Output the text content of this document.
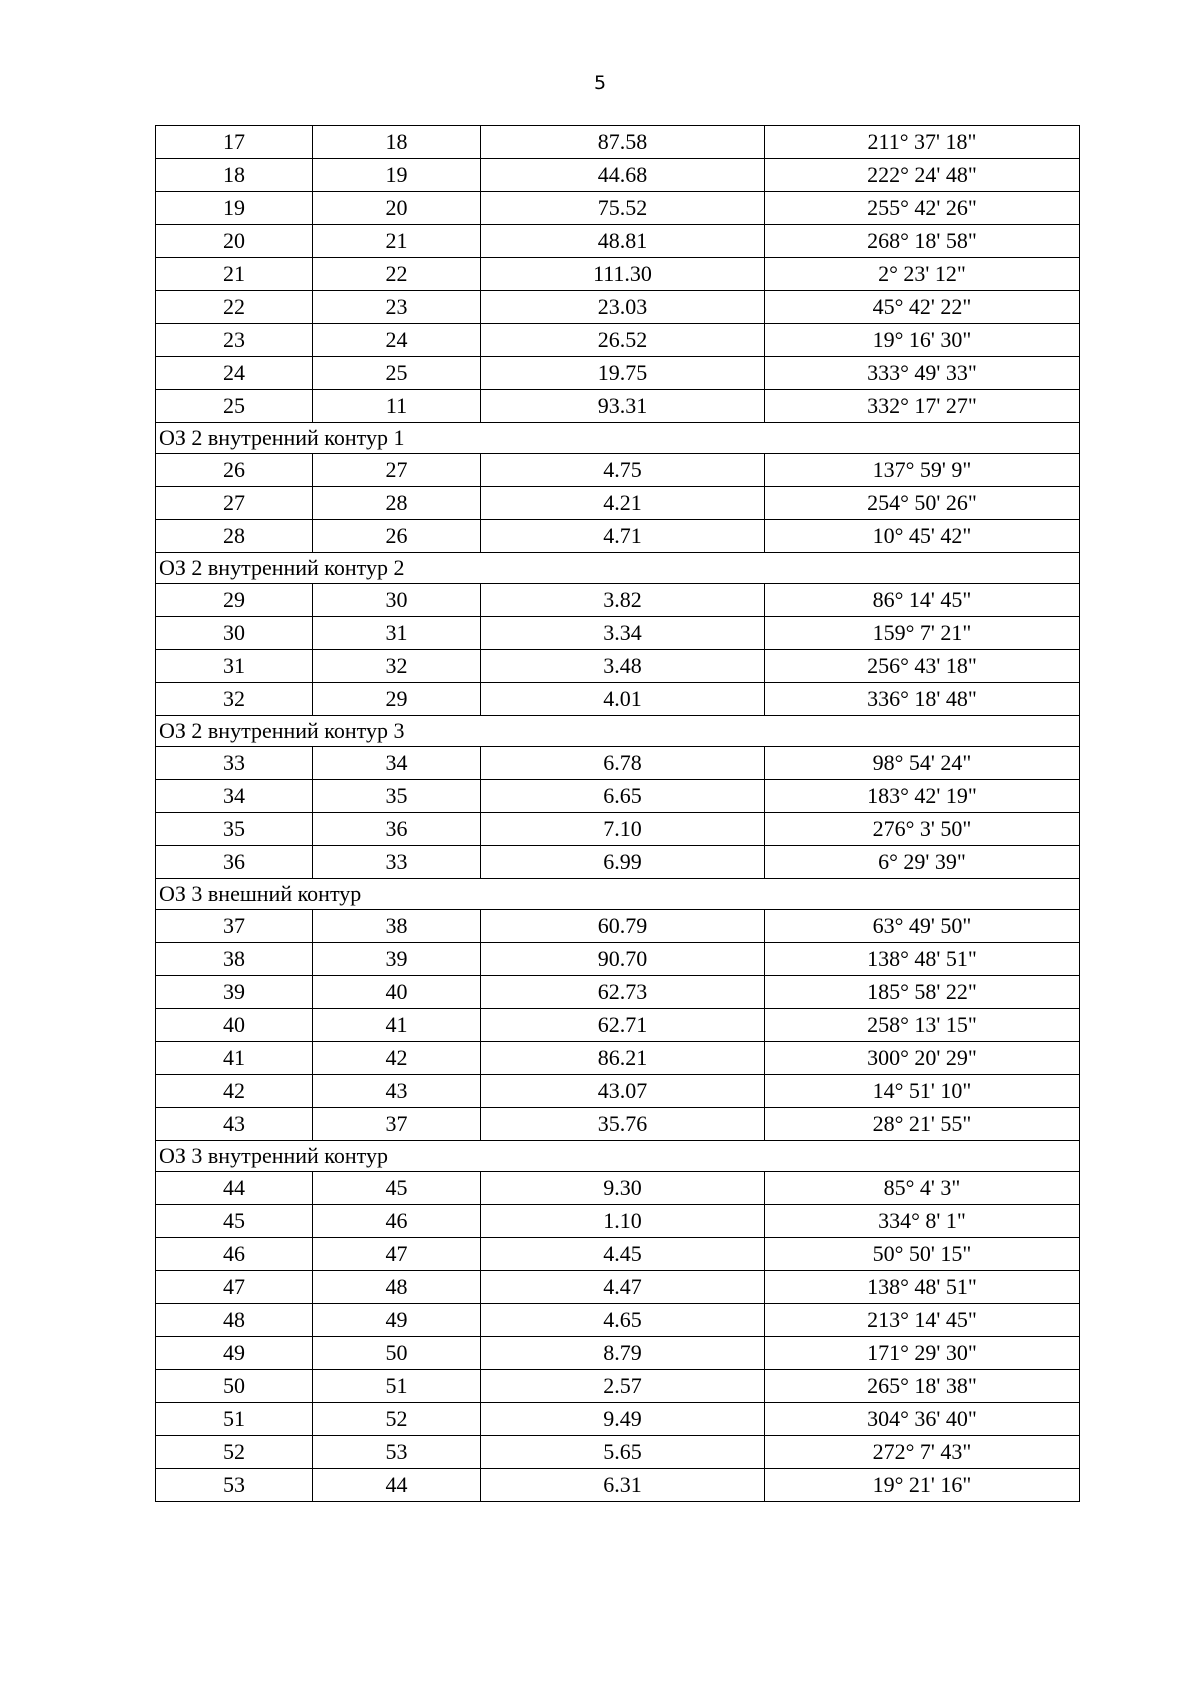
5
17	18	87.58	211° 37' 18"
18	19	44.68	222° 24' 48"
19	20	75.52	255° 42' 26"
20	21	48.81	268° 18' 58"
21	22	111.30	2° 23' 12"
22	23	23.03	45° 42' 22"
23	24	26.52	19° 16' 30"
24	25	19.75	333° 49' 33"
25	11	93.31	332° 17' 27"
ОЗ 2 внутренний контур 1			
26	27	4.75	137° 59' 9"
27	28	4.21	254° 50' 26"
28	26	4.71	10° 45' 42"
ОЗ 2 внутренний контур 2			
29	30	3.82	86° 14' 45"
30	31	3.34	159° 7' 21"
31	32	3.48	256° 43' 18"
32	29	4.01	336° 18' 48"
ОЗ 2 внутренний контур 3			
33	34	6.78	98° 54' 24"
34	35	6.65	183° 42' 19"
35	36	7.10	276° 3' 50"
36	33	6.99	6° 29' 39"
ОЗ 3 внешний контур			
37	38	60.79	63° 49' 50"
38	39	90.70	138° 48' 51"
39	40	62.73	185° 58' 22"
40	41	62.71	258° 13' 15"
41	42	86.21	300° 20' 29"
42	43	43.07	14° 51' 10"
43	37	35.76	28° 21' 55"
ОЗ 3 внутренний контур			
44	45	9.30	85° 4' 3"
45	46	1.10	334° 8' 1"
46	47	4.45	50° 50' 15"
47	48	4.47	138° 48' 51"
48	49	4.65	213° 14' 45"
49	50	8.79	171° 29' 30"
50	51	2.57	265° 18' 38"
51	52	9.49	304° 36' 40"
52	53	5.65	272° 7' 43"
53	44	6.31	19° 21' 16"
